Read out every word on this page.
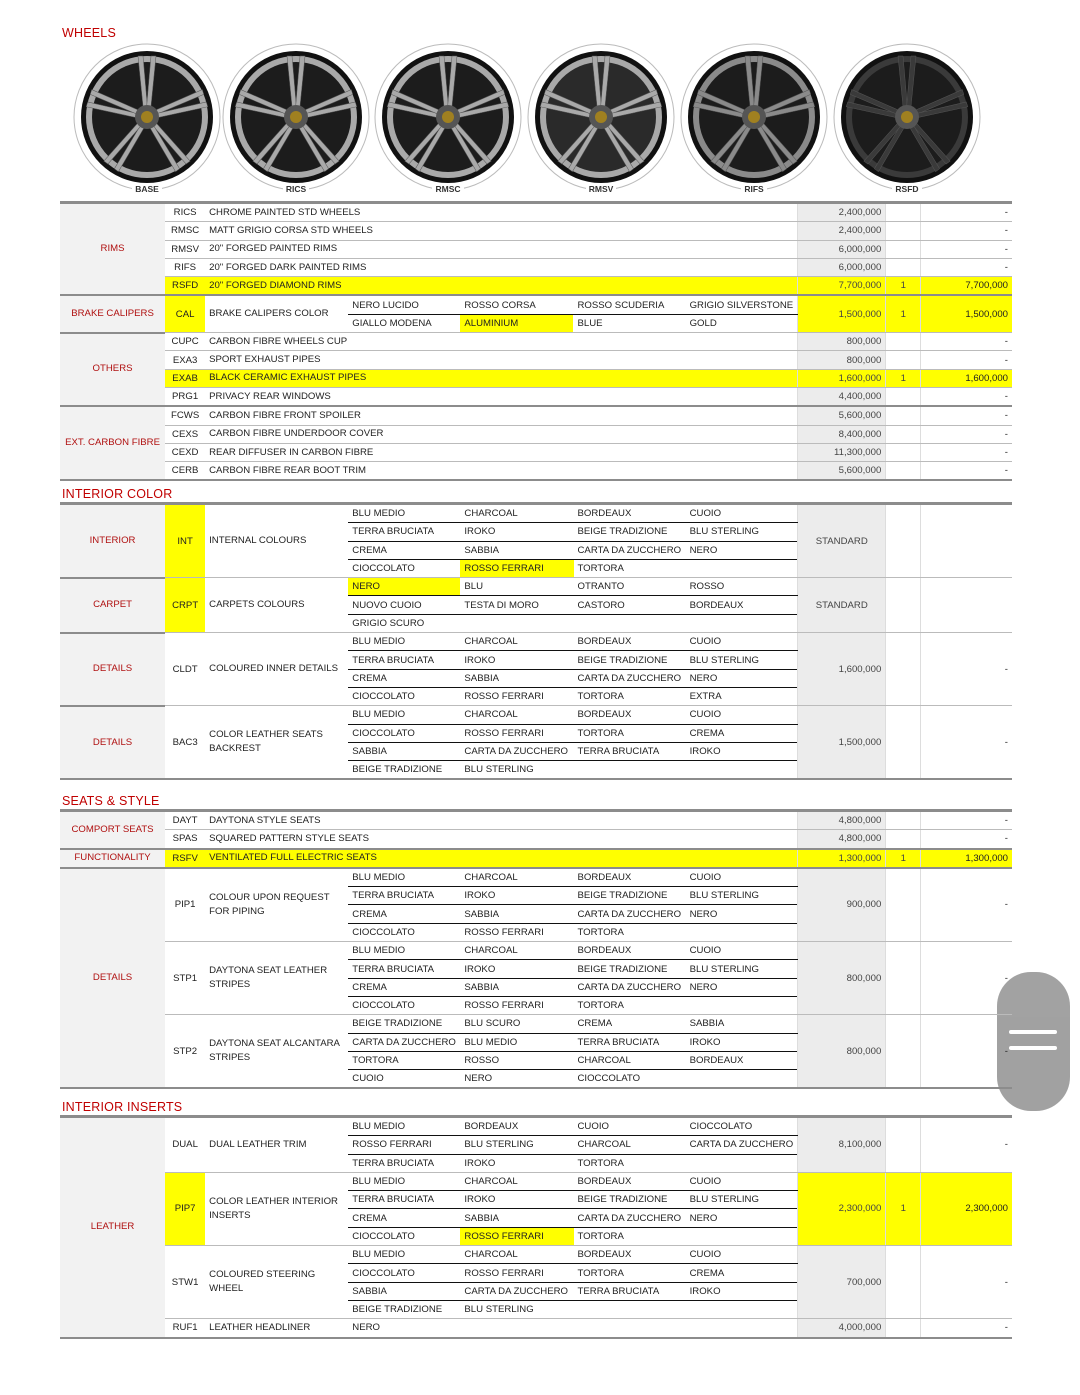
WHEELS
BASE	RICS	RMSC	RMSV	RIFS	RSFD
RIMS	RICS	CHROME PAINTED STD WHEELS					2,400,000		-
	RMSC	MATT GRIGIO CORSA STD WHEELS					2,400,000		-
	RMSV	20" FORGED PAINTED RIMS					6,000,000		-
	RIFS	20" FORGED DARK PAINTED RIMS					6,000,000		-
	RSFD	20" FORGED DIAMOND RIMS					7,700,000	1	7,700,000
BRAKE CALIPERS	CAL	BRAKE CALIPERS COLOR	NERO LUCIDO	ROSSO CORSA	ROSSO SCUDERIA	GRIGIO SILVERSTONE	1,500,000	1	1,500,000
			GIALLO MODENA	ALUMINIUM	BLUE	GOLD			
OTHERS	CUPC	CARBON FIBRE WHEELS CUP					800,000		-
	EXA3	SPORT EXHAUST PIPES					800,000		-
	EXAB	BLACK CERAMIC EXHAUST PIPES					1,600,000	1	1,600,000
	PRG1	PRIVACY REAR WINDOWS					4,400,000		-
EXT. CARBON FIBRE	FCWS	CARBON FIBRE FRONT SPOILER					5,600,000		-
	CEXS	CARBON FIBRE UNDERDOOR COVER					8,400,000		-
	CEXD	REAR DIFFUSER IN CARBON FIBRE					11,300,000		-
	CERB	CARBON FIBRE REAR BOOT TRIM					5,600,000		-
INTERIOR COLOR
INTERIOR	INT	INTERNAL COLOURS	BLU MEDIO	CHARCOAL	BORDEAUX	CUOIO	STANDARD		
			TERRA BRUCIATA	IROKO	BEIGE TRADIZIONE	BLU STERLING			
			CREMA	SABBIA	CARTA DA ZUCCHERO	NERO			
			CIOCCOLATO	ROSSO FERRARI	TORTORA				
CARPET	CRPT	CARPETS COLOURS	NERO	BLU	OTRANTO	ROSSO	STANDARD		
			NUOVO CUOIO	TESTA DI MORO	CASTORO	BORDEAUX			
			GRIGIO SCURO						
DETAILS	CLDT	COLOURED INNER DETAILS	BLU MEDIO	CHARCOAL	BORDEAUX	CUOIO	1,600,000		-
			TERRA BRUCIATA	IROKO	BEIGE TRADIZIONE	BLU STERLING			
			CREMA	SABBIA	CARTA DA ZUCCHERO	NERO			
			CIOCCOLATO	ROSSO FERRARI	TORTORA	EXTRA			
DETAILS	BAC3	COLOR LEATHER SEATS BACKREST	BLU MEDIO	CHARCOAL	BORDEAUX	CUOIO	1,500,000		-
			CIOCCOLATO	ROSSO FERRARI	TORTORA	CREMA			
			SABBIA	CARTA DA ZUCCHERO	TERRA BRUCIATA	IROKO			
			BEIGE TRADIZIONE	BLU STERLING					
SEATS & STYLE
COMPORT SEATS	DAYT	DAYTONA STYLE SEATS					4,800,000		-
	SPAS	SQUARED PATTERN STYLE SEATS					4,800,000		-
FUNCTIONALITY	RSFV	VENTILATED FULL ELECTRIC SEATS					1,300,000	1	1,300,000
DETAILS	PIP1	COLOUR UPON REQUEST FOR PIPING	BLU MEDIO	CHARCOAL	BORDEAUX	CUOIO	900,000		-
			TERRA BRUCIATA	IROKO	BEIGE TRADIZIONE	BLU STERLING			
			CREMA	SABBIA	CARTA DA ZUCCHERO	NERO			
			CIOCCOLATO	ROSSO FERRARI	TORTORA				
	STP1	DAYTONA SEAT LEATHER STRIPES	BLU MEDIO	CHARCOAL	BORDEAUX	CUOIO	800,000		-
			TERRA BRUCIATA	IROKO	BEIGE TRADIZIONE	BLU STERLING			
			CREMA	SABBIA	CARTA DA ZUCCHERO	NERO			
			CIOCCOLATO	ROSSO FERRARI	TORTORA				
	STP2	DAYTONA SEAT ALCANTARA STRIPES	BEIGE TRADIZIONE	BLU SCURO	CREMA	SABBIA	800,000		-
			CARTA DA ZUCCHERO	BLU MEDIO	TERRA BRUCIATA	IROKO			
			TORTORA	ROSSO	CHARCOAL	BORDEAUX			
			CUOIO	NERO	CIOCCOLATO				
INTERIOR INSERTS
LEATHER	DUAL	DUAL LEATHER TRIM	BLU MEDIO	BORDEAUX	CUOIO	CIOCCOLATO	8,100,000		-
			ROSSO FERRARI	BLU STERLING	CHARCOAL	CARTA DA ZUCCHERO			
			TERRA BRUCIATA	IROKO	TORTORA				
	PIP7	COLOR LEATHER INTERIOR INSERTS	BLU MEDIO	CHARCOAL	BORDEAUX	CUOIO	2,300,000	1	2,300,000
			TERRA BRUCIATA	IROKO	BEIGE TRADIZIONE	BLU STERLING			
			CREMA	SABBIA	CARTA DA ZUCCHERO	NERO			
			CIOCCOLATO	ROSSO FERRARI	TORTORA				
	STW1	COLOURED STEERING WHEEL	BLU MEDIO	CHARCOAL	BORDEAUX	CUOIO	700,000		-
			CIOCCOLATO	ROSSO FERRARI	TORTORA	CREMA			
			SABBIA	CARTA DA ZUCCHERO	TERRA BRUCIATA	IROKO			
			BEIGE TRADIZIONE	BLU STERLING					
	RUF1	LEATHER HEADLINER	NERO				4,000,000		-
